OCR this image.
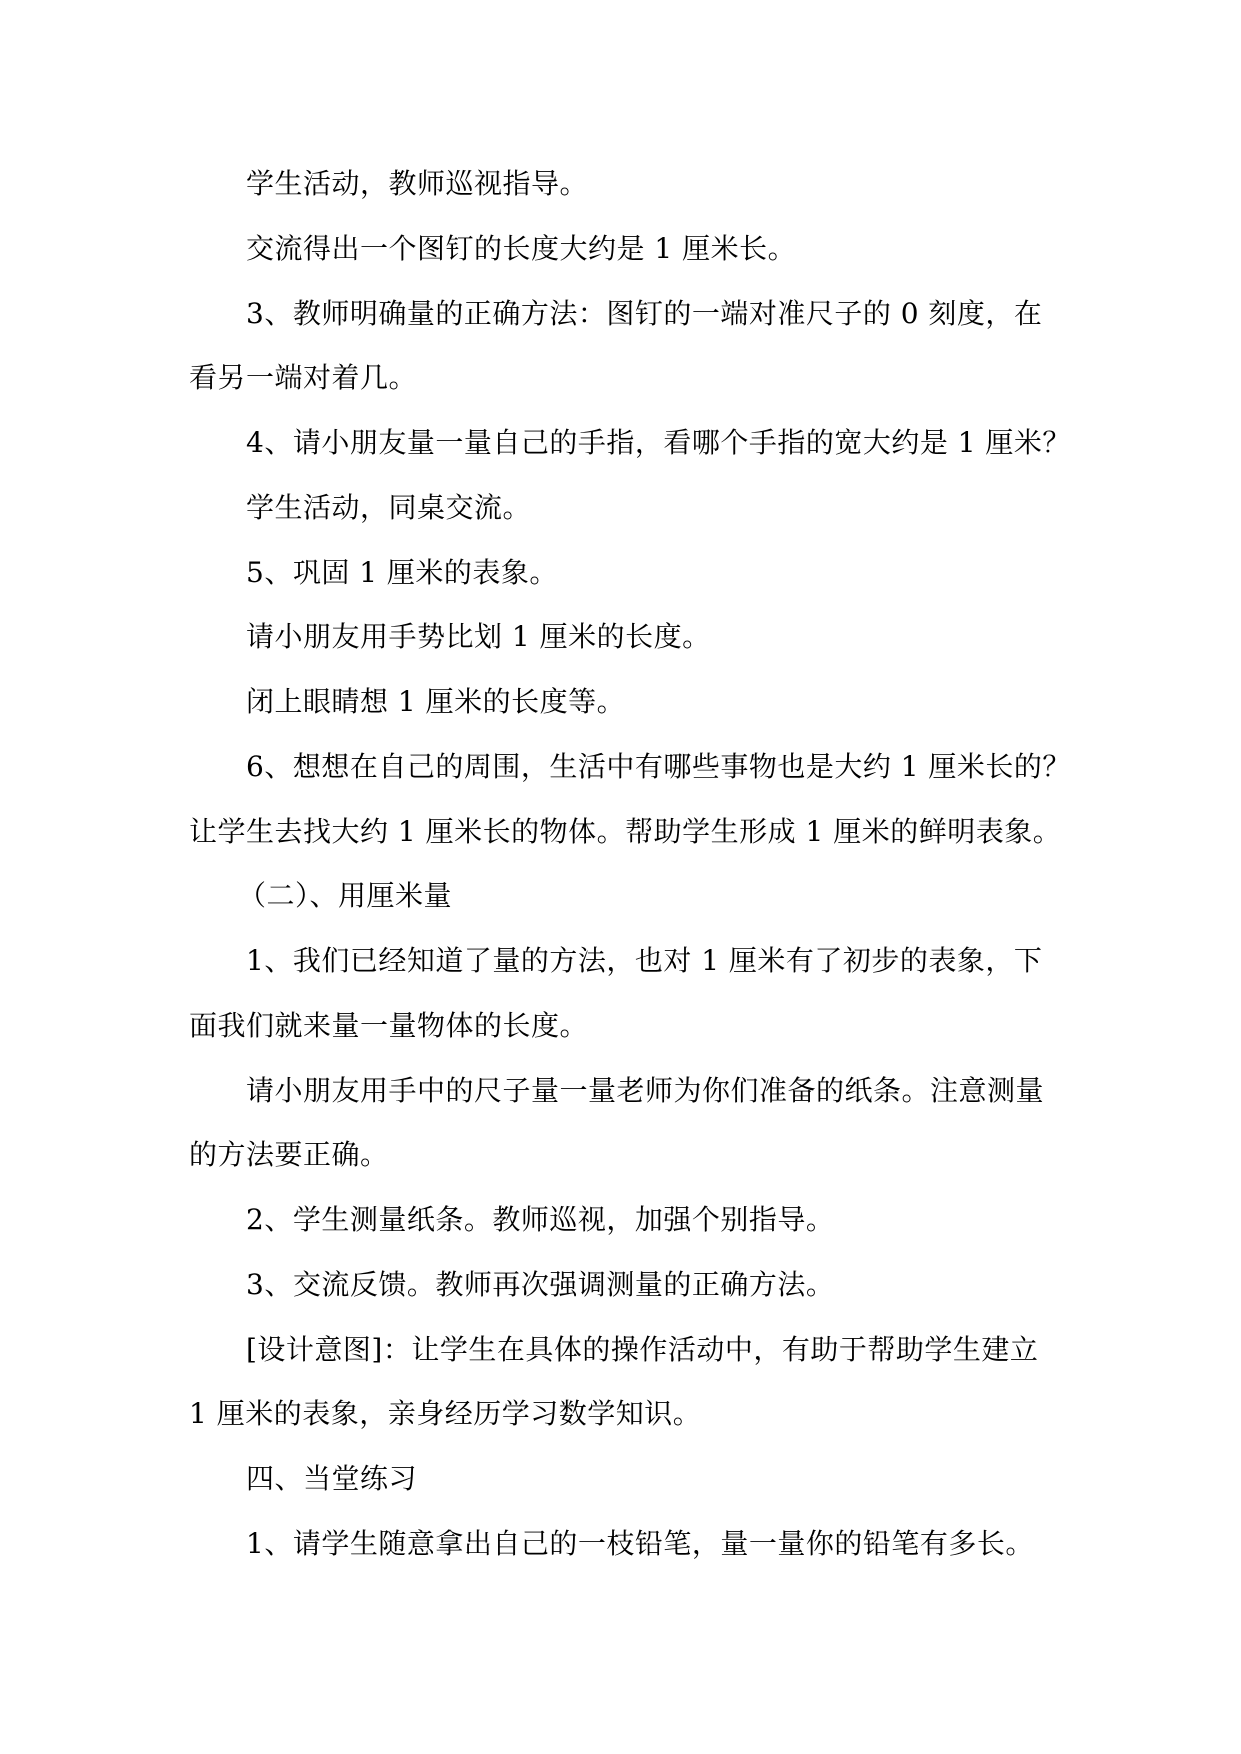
学生活动，教师巡视指导。
交流得出一个图钉的长度大约是 1 厘米长。
3、教师明确量的正确方法：图钉的一端对准尺子的 0 刻度，在
看另一端对着几。
4、请小朋友量一量自己的手指，看哪个手指的宽大约是 1 厘米？
学生活动，同桌交流。
5、巩固 1 厘米的表象。
请小朋友用手势比划 1 厘米的长度。
闭上眼睛想 1 厘米的长度等。
6、想想在自己的周围，生活中有哪些事物也是大约 1 厘米长的？
让学生去找大约 1 厘米长的物体。帮助学生形成 1 厘米的鲜明表象。
（二）、用厘米量
1、我们已经知道了量的方法，也对 1 厘米有了初步的表象，下
面我们就来量一量物体的长度。
请小朋友用手中的尺子量一量老师为你们准备的纸条。注意测量
的方法要正确。
2、学生测量纸条。教师巡视，加强个别指导。
3、交流反馈。教师再次强调测量的正确方法。
[设计意图]：让学生在具体的操作活动中，有助于帮助学生建立
1 厘米的表象，亲身经历学习数学知识。
四、当堂练习
1、请学生随意拿出自己的一枝铅笔，量一量你的铅笔有多长。
